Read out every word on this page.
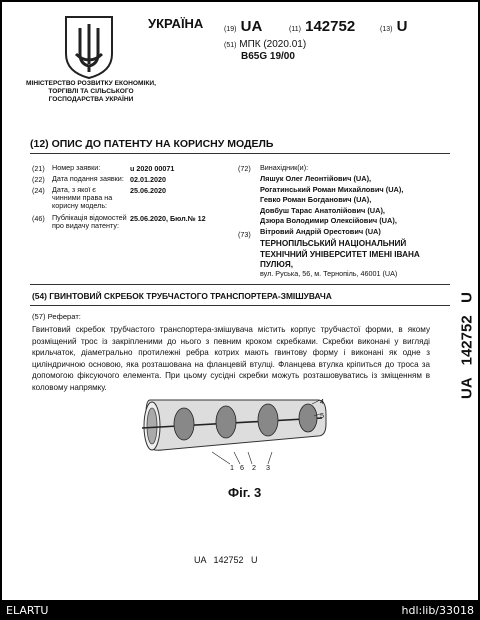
МІНІСТЕРСТВО РОЗВИТКУ ЕКОНОМІКИ, ТОРГІВЛІ ТА СІЛЬСЬКОГО ГОСПОДАРСТВА УКРАЇНИ
УКРАЇНА	(19) UA	(11) 142752	(13) U
(51) МПК (2020.01)
B65G 19/00
(12) ОПИС ДО ПАТЕНТУ НА КОРИСНУ МОДЕЛЬ
(21) Номер заявки:	u 2020 00071
(22) Дата подання заявки: 02.01.2020
(24) Дата, з якої є чинними права на корисну модель:
25.06.2020
(46) Публікація відомостей про видачу патенту:
25.06.2020, Бюл.№ 12
(72) Винахідник(и):
Ляшук Олег Леонтійович (UA),
Рогатинський Роман Михайлович (UA),
Гевко Роман Богданович (UA),
Довбуш Тарас Анатолійович (UA),
Дзюра Володимир Олексійович (UA),
Вітровий Андрій Орестович (UA)
(73)
ТЕРНОПІЛЬСЬКИЙ НАЦІОНАЛЬНИЙ ТЕХНІЧНИЙ УНІВЕРСИТЕТ ІМЕНІ ІВАНА ПУЛЮЯ,
вул. Руська, 56, м. Тернопіль, 46001 (UA)
(54) ГВИНТОВИЙ СКРЕБОК ТРУБЧАСТОГО ТРАНСПОРТЕРА-ЗМІШУВАЧА
(57) Реферат:
Гвинтовий скребок трубчастого транспортера-змішувача містить корпус трубчастої форми, в якому розміщений трос із закріпленими до нього з певним кроком скребками. Скребки виконані у вигляді крильчаток, діаметрально протилежні ребра котрих мають гвинтову форму і виконані як одне з циліндричною основою, яка розташована на фланцевій втулці. Фланцева втулка кріпиться до троса за допомогою фіксуючого елемента. При цьому сусідні скребки можуть розташовуватись із зміщенням в коловому напрямку.
4
5
1 6 2 3
Фіг. 3
UA   142752   U
UA   142752   U
ELARTU	hdl:lib/33018
